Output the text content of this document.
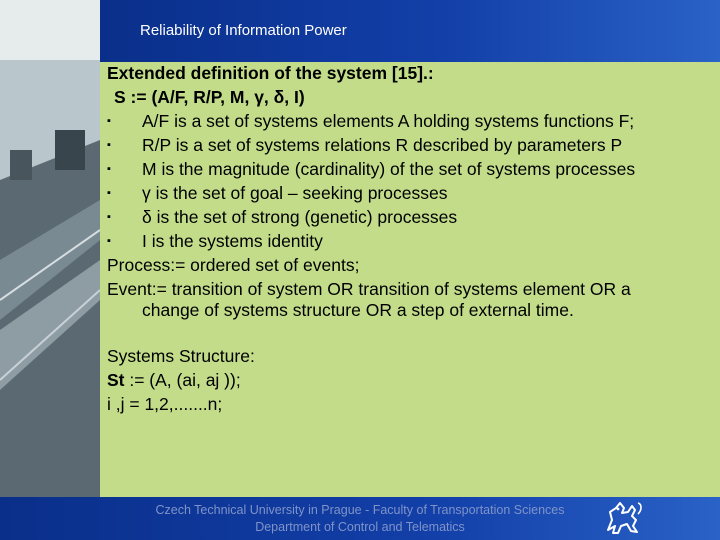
Reliability of Information Power
Extended definition of the system [15].:
S := (A/F, R/P, M, γ, δ, I)
▪ A/F is a set of systems elements A holding systems functions F;
▪ R/P is a set of systems relations R described by parameters P
▪ M is the magnitude (cardinality) of the set of systems processes
▪ γ is the set of goal – seeking processes
▪ δ is the set of strong (genetic) processes
▪ I is the systems identity
Process:= ordered set of events;
Event:= transition of system OR transition of systems element OR a
change of systems structure OR a step of external time.
Systems Structure:
St := (A, (ai, aj ));
i ,j = 1,2,.......n;
Czech Technical University in Prague - Faculty of Transportation Sciences
Department of Control and Telematics
